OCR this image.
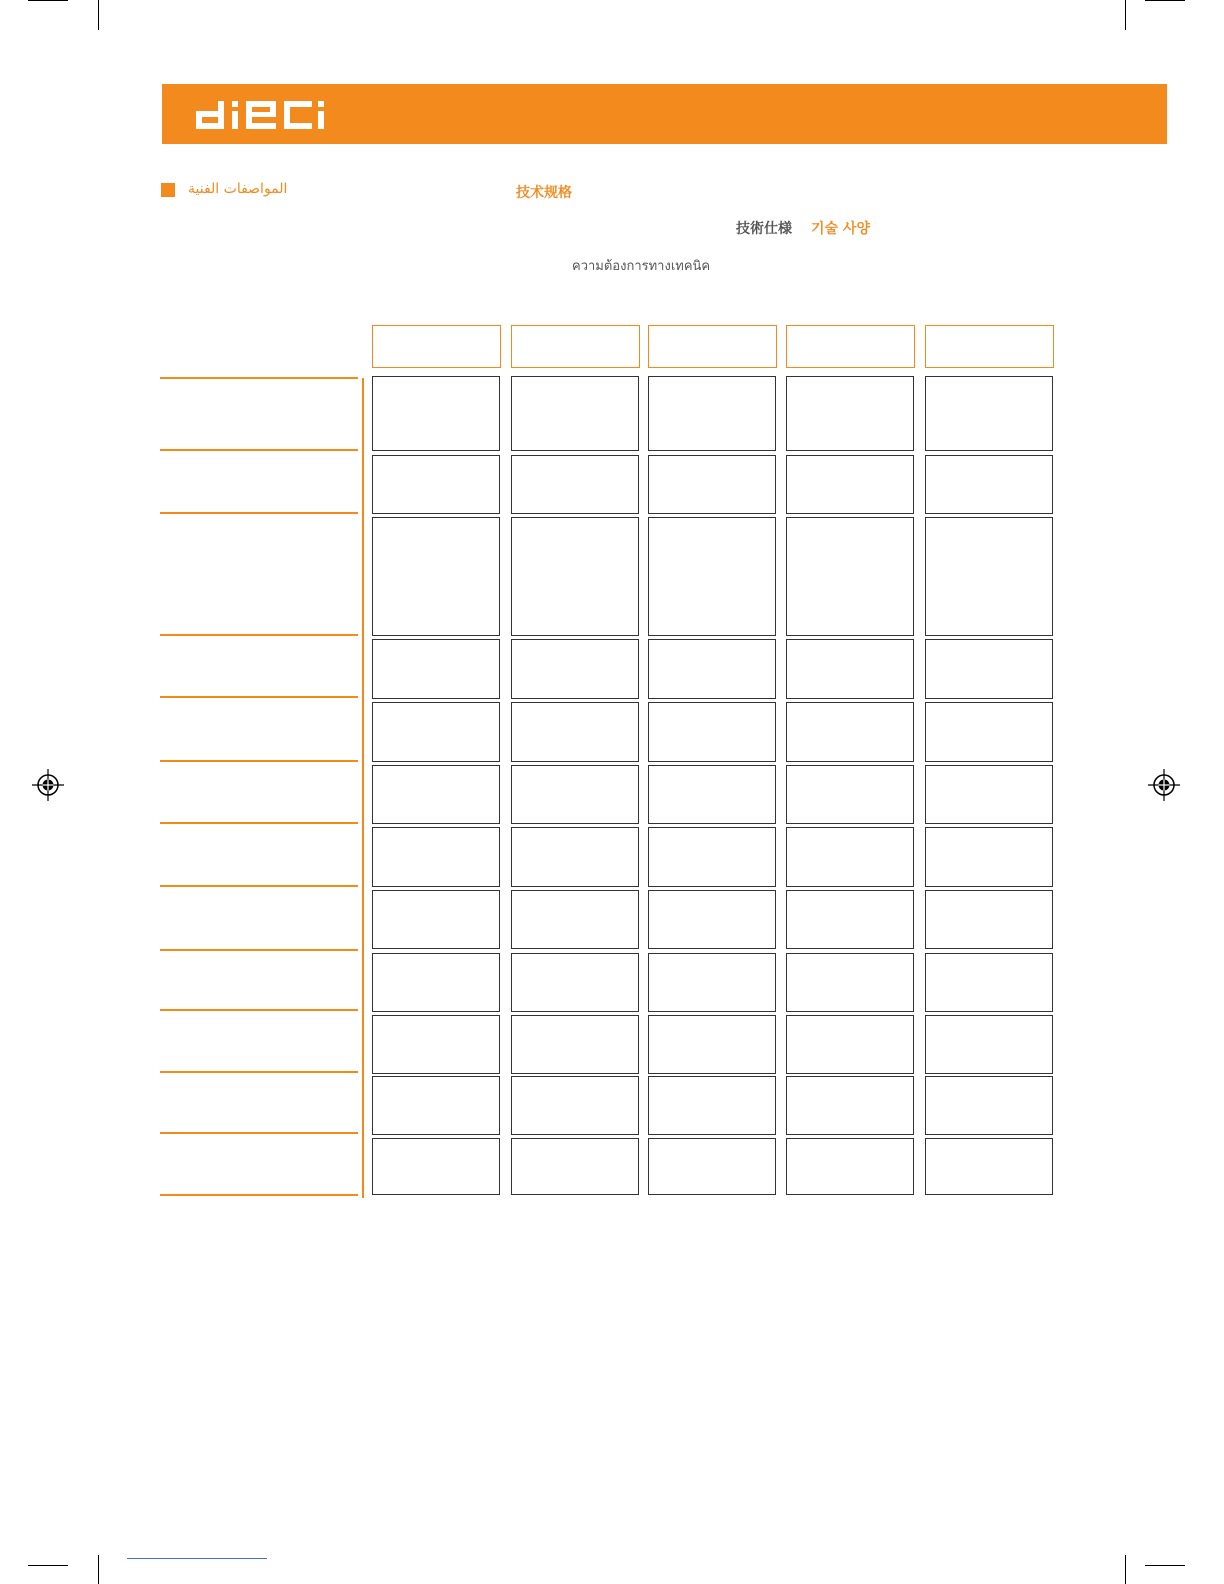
المواصفات الفنية	技术规格
技術仕様 기술 사양
ความต้องการทางเทคนิค
